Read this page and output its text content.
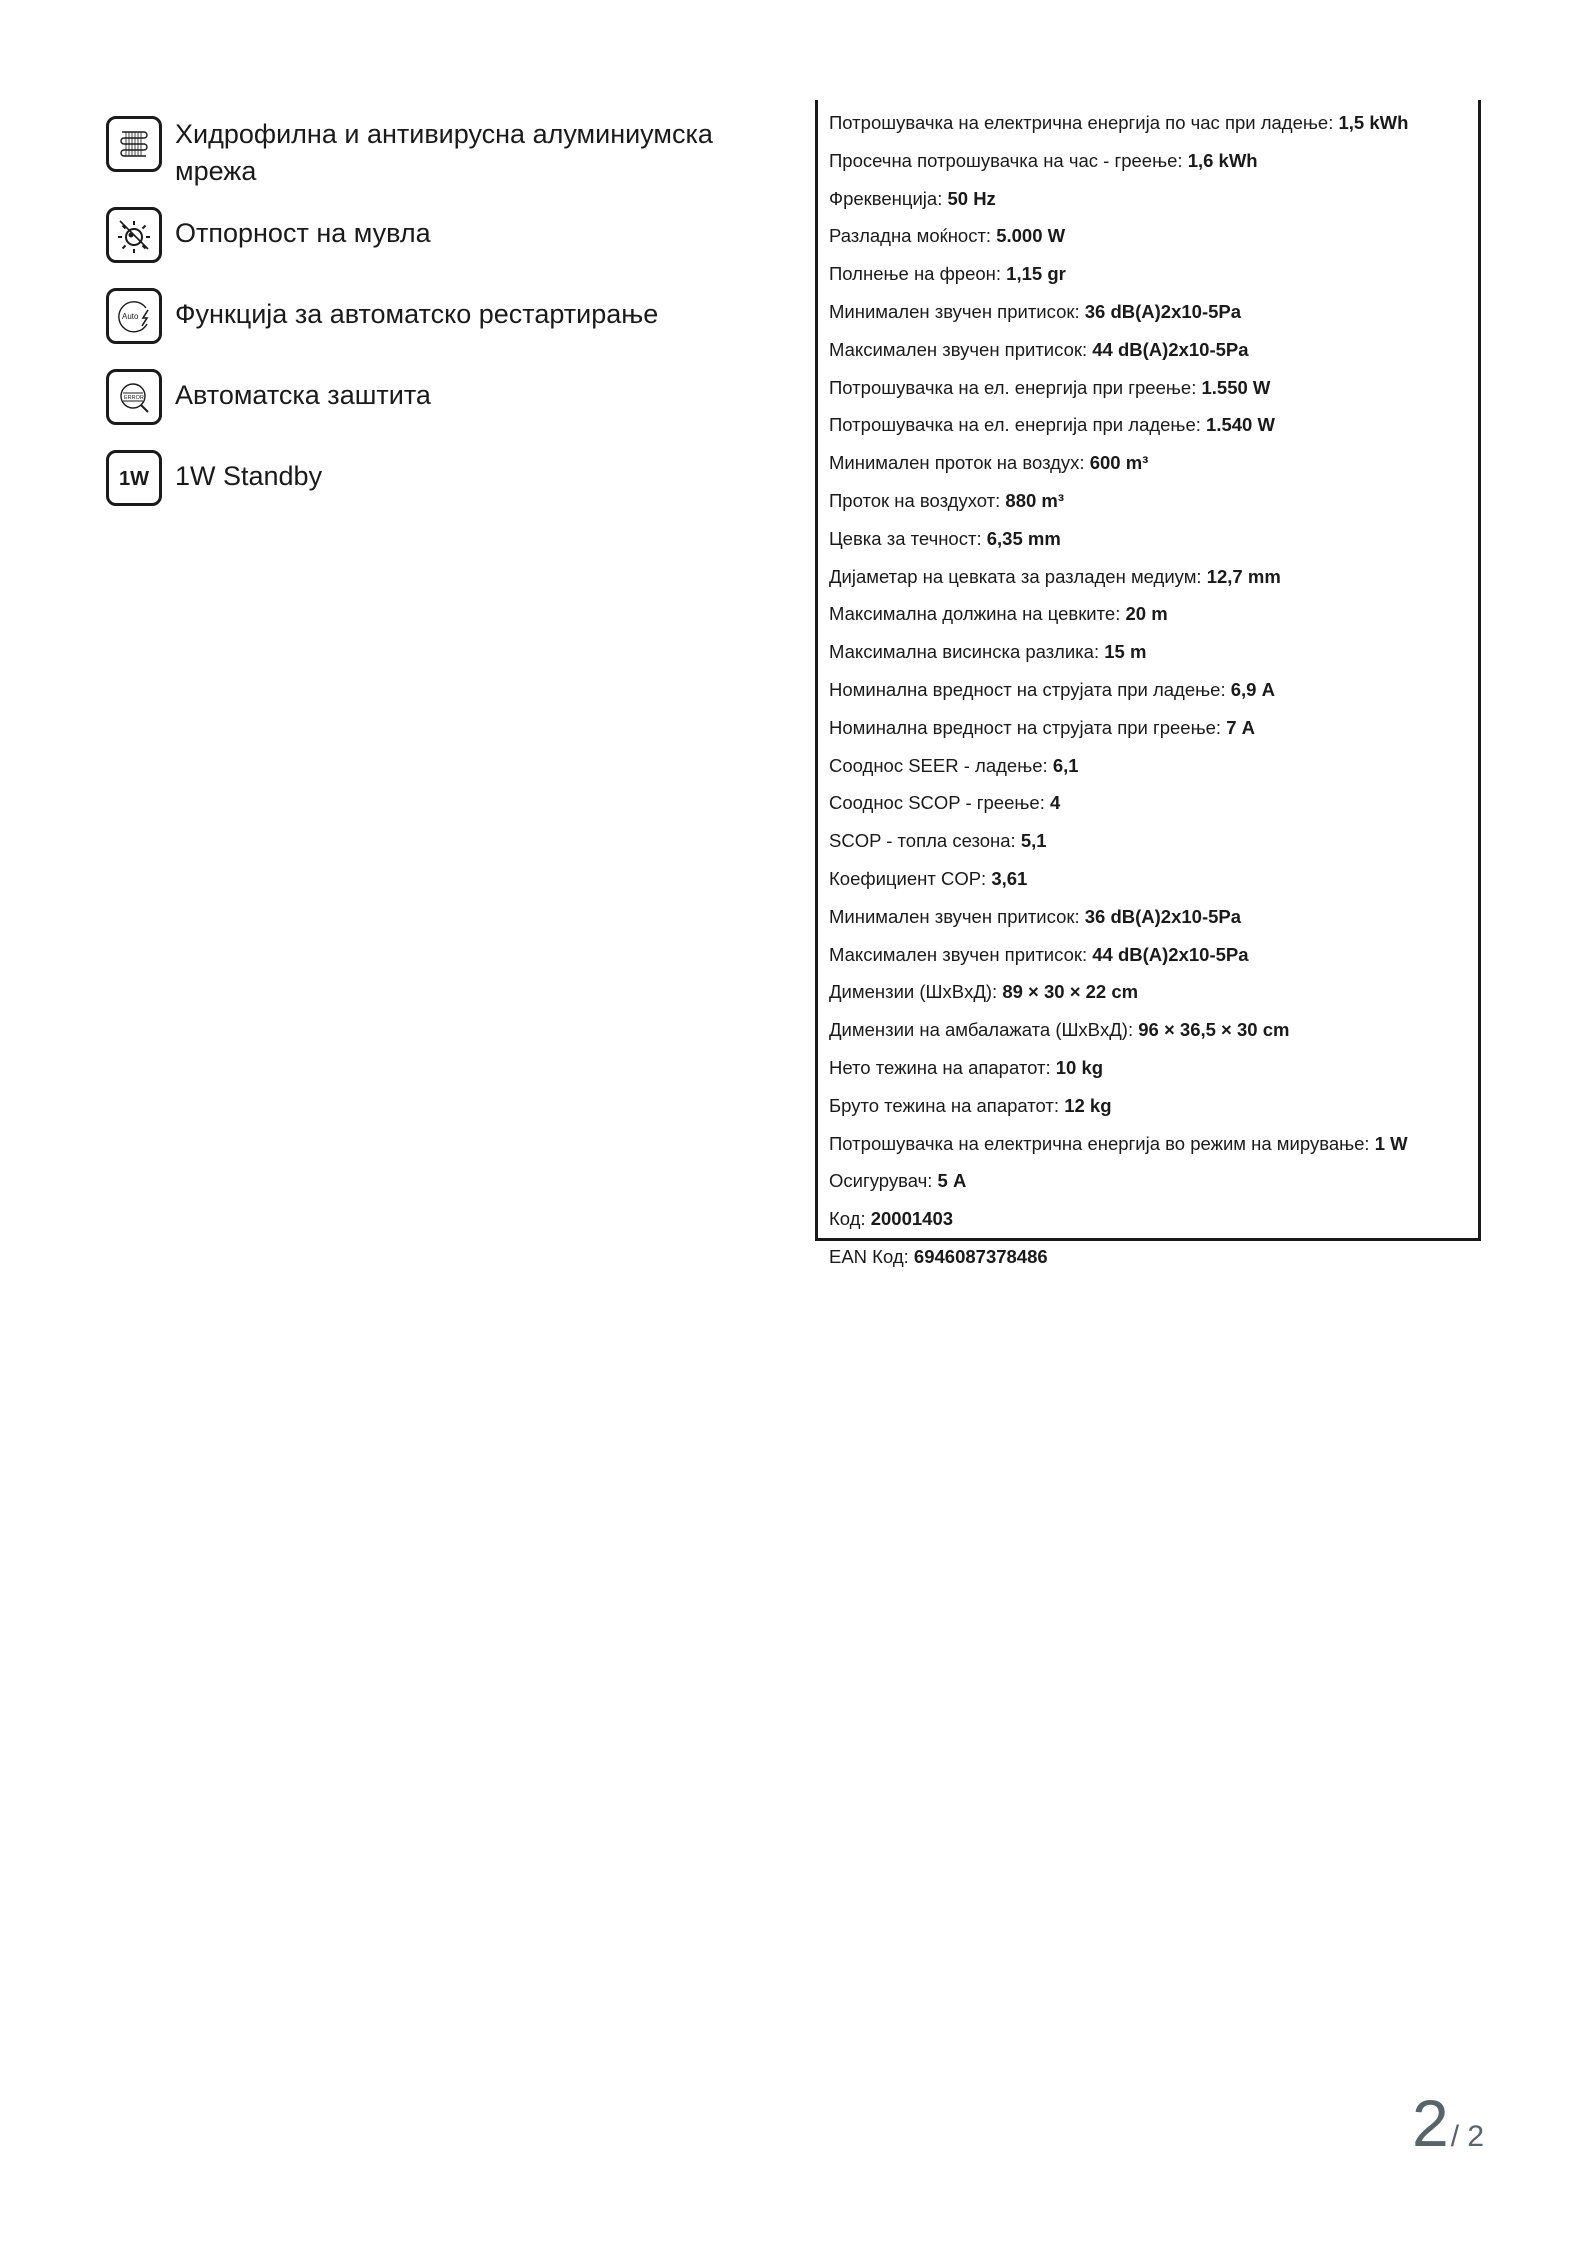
Хидрофилна и антивирусна алуминиумска мрежа
Отпорност на мувла
Auto Функција за автоматско рестартирање
ERROR Автоматска заштита
1W 1W Standby
Потрошувачка на електрична енергија по час при ладење: 1,5 kWh
Просечна потрошувачка на час - греење: 1,6 kWh
Фреквенција: 50 Hz
Разладна моќност: 5.000 W
Полнење на фреон: 1,15 gr
Минимален звучен притисок: 36 dB(A)2x10-5Pa
Максимален звучен притисок: 44 dB(A)2x10-5Pa
Потрошувачка на ел. енергија при греење: 1.550 W
Потрошувачка на ел. енергија при ладење: 1.540 W
Минимален проток на воздух: 600 m³
Проток на воздухот: 880 m³
Цевка за течност: 6,35 mm
Дијаметар на цевката за разладен медиум: 12,7 mm
Максимална должина на цевките: 20 m
Максимална висинска разлика: 15 m
Номинална вредност на струјата при ладење: 6,9 A
Номинална вредност на струјата при греење: 7 A
Сооднос SEER - ладење: 6,1
Сооднос SCOP - греење: 4
SCOP - топла сезона: 5,1
Коефициент COP: 3,61
Минимален звучен притисок: 36 dB(A)2x10-5Pa
Максимален звучен притисок: 44 dB(A)2x10-5Pa
Димензии (ШxВxД): 89 × 30 × 22 cm
Димензии на амбалажата (ШxВxД): 96 × 36,5 × 30 cm
Нето тежина на апаратот: 10 kg
Бруто тежина на апаратот: 12 kg
Потрошувачка на електрична енергија во режим на мирување: 1 W
Осигурувач: 5 A
Код: 20001403
EAN Код: 6946087378486
2/ 2
